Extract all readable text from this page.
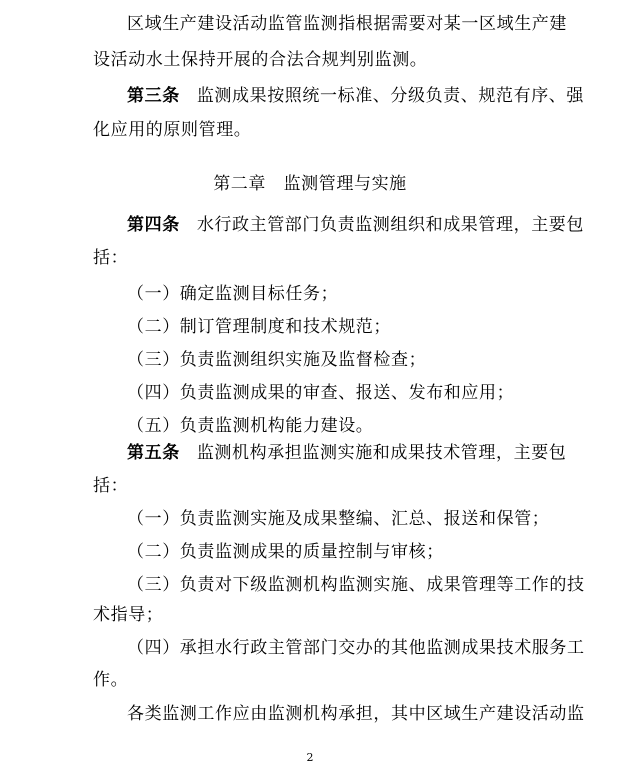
区域生产建设活动监管监测指根据需要对某一区域生产建
设活动水土保持开展的合法合规判别监测。
第三条 监测成果按照统一标准、分级负责、规范有序、强
化应用的原则管理。
第二章　监测管理与实施
第四条 水行政主管部门负责监测组织和成果管理，主要包
括：
（一）确定监测目标任务；
（二）制订管理制度和技术规范；
（三）负责监测组织实施及监督检查；
（四）负责监测成果的审查、报送、发布和应用；
（五）负责监测机构能力建设。
第五条 监测机构承担监测实施和成果技术管理，主要包
括：
（一）负责监测实施及成果整编、汇总、报送和保管；
（二）负责监测成果的质量控制与审核；
（三）负责对下级监测机构监测实施、成果管理等工作的技
术指导；
（四）承担水行政主管部门交办的其他监测成果技术服务工
作。
各类监测工作应由监测机构承担，其中区域生产建设活动监
2
